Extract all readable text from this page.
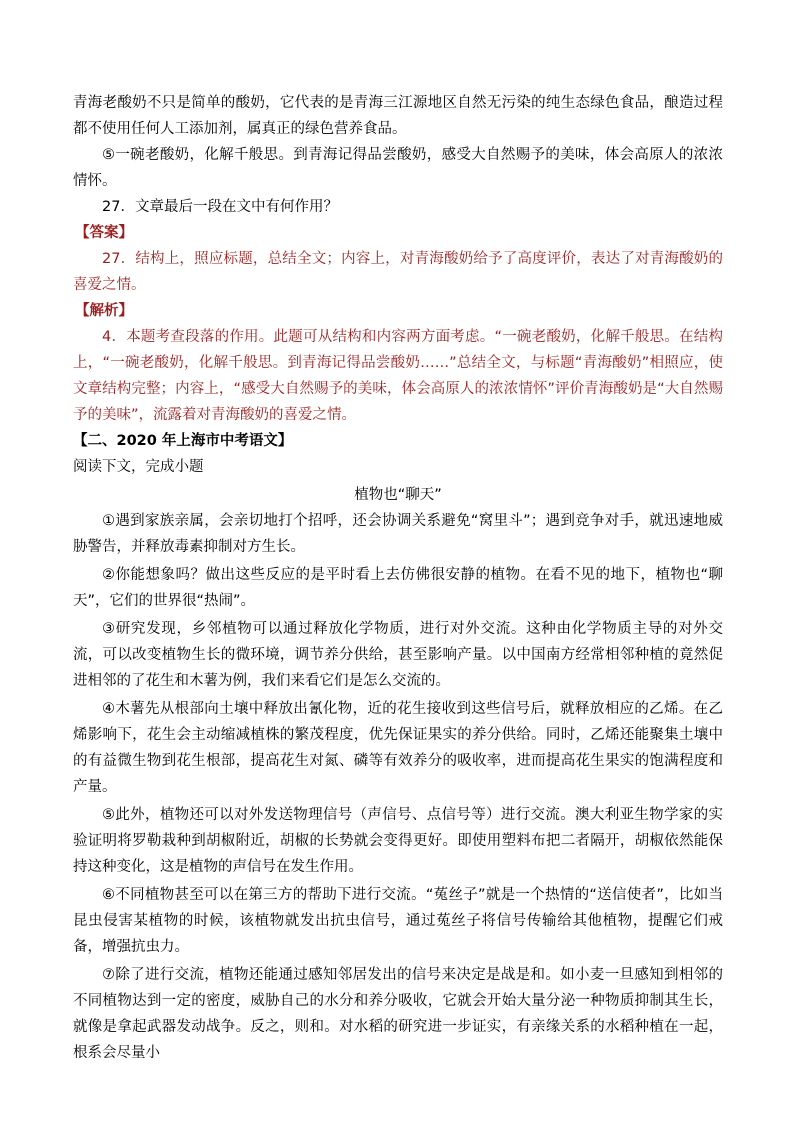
青海老酸奶不只是简单的酸奶，它代表的是青海三江源地区自然无污染的纯生态绿色食品，酿造过程都不使用任何人工添加剂，属真正的绿色营养食品。

⑤一碗老酸奶，化解千般思。到青海记得品尝酸奶，感受大自然赐予的美味，体会高原人的浓浓情怀。

27．文章最后一段在文中有何作用？

【答案】

27．结构上，照应标题，总结全文；内容上，对青海酸奶给予了高度评价，表达了对青海酸奶的喜爱之情。

【解析】

4．本题考查段落的作用。此题可从结构和内容两方面考虑。“一碗老酸奶，化解千般思。在结构上，“一碗老酸奶，化解千般思。到青海记得品尝酸奶……”总结全文，与标题“青海酸奶”相照应，使文章结构完整；内容上，“感受大自然赐予的美味，体会高原人的浓浓情怀”评价青海酸奶是“大自然赐予的美味”，流露着对青海酸奶的喜爱之情。

【二、2020 年上海市中考语文】

阅读下文，完成小题

植物也“聊天”

①遇到家族亲属，会亲切地打个招呼，还会协调关系避免“窝里斗”；遇到竞争对手，就迅速地威胁警告，并释放毒素抑制对方生长。

②你能想象吗？做出这些反应的是平时看上去仿佛很安静的植物。在看不见的地下，植物也“聊天”，它们的世界很“热闹”。

③研究发现，乡邻植物可以通过释放化学物质，进行对外交流。这种由化学物质主导的对外交流，可以改变植物生长的微环境，调节养分供给，甚至影响产量。以中国南方经常相邻种植的竟然促进相邻的了花生和木薯为例，我们来看它们是怎么交流的。

④木薯先从根部向土壤中释放出氰化物，近的花生接收到这些信号后，就释放相应的乙烯。在乙烯影响下，花生会主动缩减植株的繁茂程度，优先保证果实的养分供给。同时，乙烯还能聚集土壤中的有益微生物到花生根部，提高花生对氮、磷等有效养分的吸收率，进而提高花生果实的饱满程度和产量。

⑤此外，植物还可以对外发送物理信号（声信号、点信号等）进行交流。澳大利亚生物学家的实验证明将罗勒栽种到胡椒附近，胡椒的长势就会变得更好。即使用塑料布把二者隔开，胡椒依然能保持这种变化，这是植物的声信号在发生作用。

⑥不同植物甚至可以在第三方的帮助下进行交流。“菟丝子”就是一个热情的“送信使者”，比如当昆虫侵害某植物的时候，该植物就发出抗虫信号，通过菟丝子将信号传输给其他植物，提醒它们戒备，增强抗虫力。

⑦除了进行交流，植物还能通过感知邻居发出的信号来决定是战是和。如小麦一旦感知到相邻的不同植物达到一定的密度，威胁自己的水分和养分吸收，它就会开始大量分泌一种物质抑制其生长，就像是拿起武器发动战争。反之，则和。对水稻的研究进一步证实，有亲缘关系的水稻种植在一起，根系会尽量小
